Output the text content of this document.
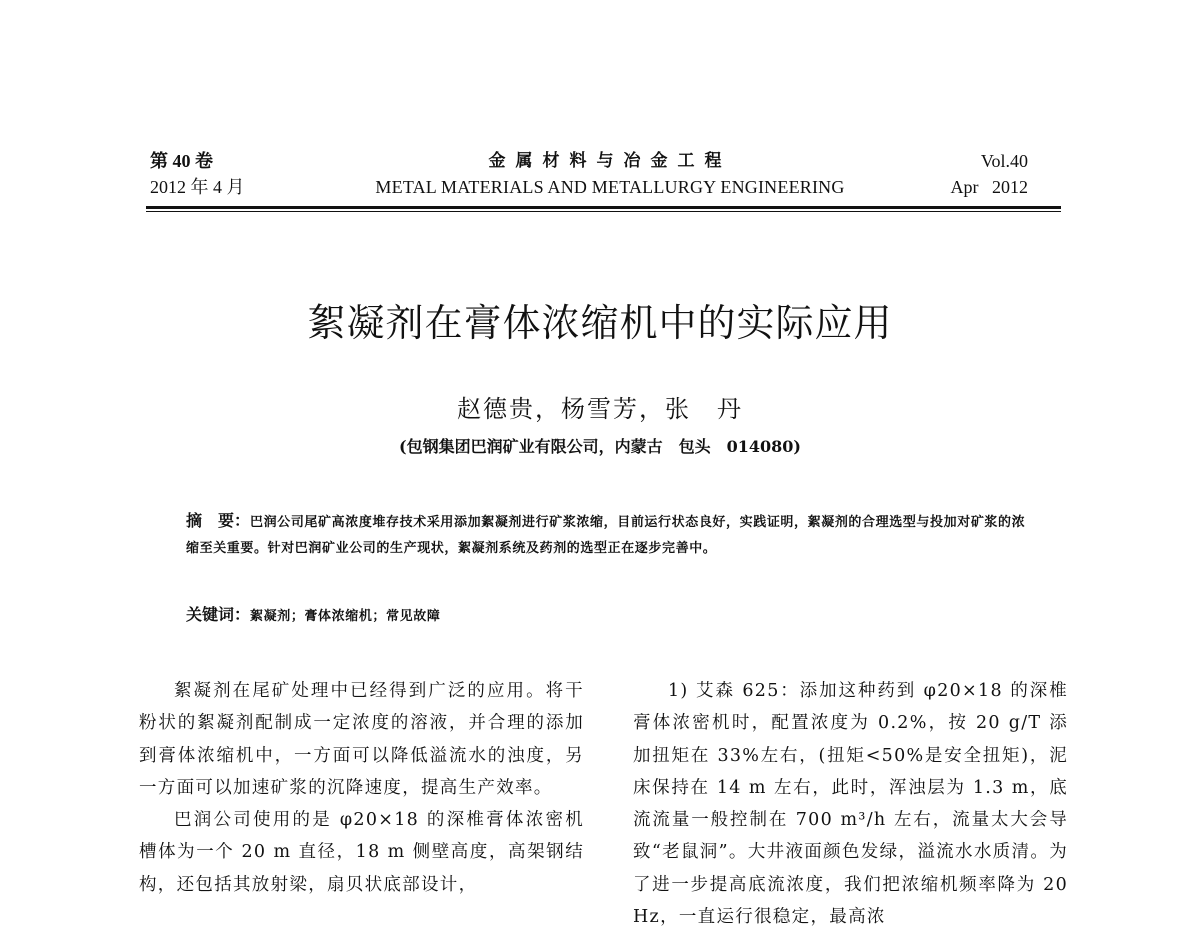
第 40 卷
2012 年 4 月
金属材料与冶金工程
METAL MATERIALS AND METALLURGY ENGINEERING
Vol.40
Apr   2012
絮凝剂在膏体浓缩机中的实际应用
赵德贵，杨雪芳，张　丹
(包钢集团巴润矿业有限公司，内蒙古　包头　014080)
摘　要：巴润公司尾矿高浓度堆存技术采用添加絮凝剂进行矿浆浓缩，目前运行状态良好，实践证明，絮凝剂的合理选型与投加对矿浆的浓缩至关重要。针对巴润矿业公司的生产现状，絮凝剂系统及药剂的选型正在逐步完善中。
关键词：絮凝剂；膏体浓缩机；常见故障

絮凝剂在尾矿处理中已经得到广泛的应用。将干粉状的絮凝剂配制成一定浓度的溶液，并合理的添加到膏体浓缩机中，一方面可以降低溢流水的浊度，另一方面可以加速矿浆的沉降速度，提高生产效率。

巴润公司使用的是 φ20×18 的深椎膏体浓密机槽体为一个 20 m 直径，18 m 侧壁高度，高架钢结构，还包括其放射梁，扇贝状底部设计，

1) 艾森 625：添加这种药到 φ20×18 的深椎膏体浓密机时，配置浓度为 0.2%，按 20 g/T 添加扭矩在 33%左右，(扭矩<50%是安全扭矩)，泥床保持在 14 m 左右，此时，浑浊层为 1.3 m，底流流量一般控制在 700 m³/h 左右，流量太大会导致“老鼠洞”。大井液面颜色发绿，溢流水水质清。为了进一步提高底流浓度，我们把浓缩机频率降为 20 Hz，一直运行很稳定，最高浓
